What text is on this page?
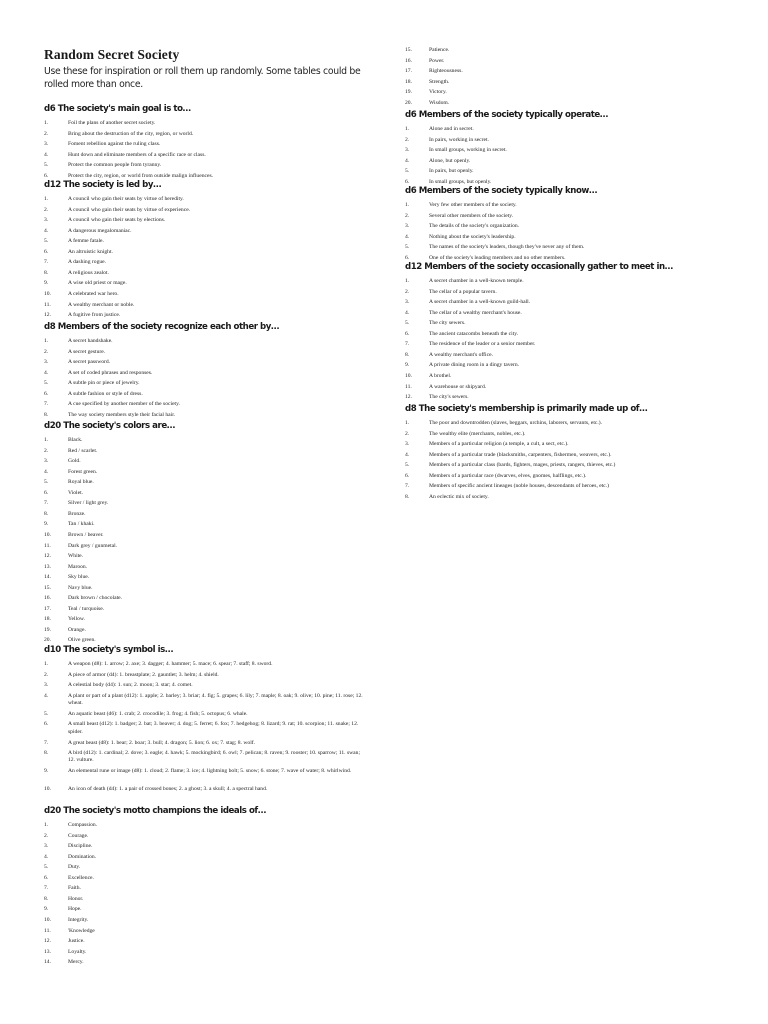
Random Secret Society
Use these for inspiration or roll them up randomly. Some tables could be rolled more than once.
d6 The society's main goal is to…
1.	Foil the plans of another secret society.
2.	Bring about the destruction of the city, region, or world.
3.	Foment rebellion against the ruling class.
4.	Hunt down and eliminate members of a specific race or class.
5.	Protect the common people from tyranny.
6.	Protect the city, region, or world from outside malign influences.
d12 The society is led by…
1.	A council who gain their seats by virtue of heredity.
2.	A council who gain their seats by virtue of experience.
3.	A council who gain their seats by elections.
4.	A dangerous megalomaniac.
5.	A femme fatale.
6.	An altruistic knight.
7.	A dashing rogue.
8.	A religious zealot.
9.	A wise old priest or mage.
10.	A celebrated war hero.
11.	A wealthy merchant or noble.
12.	A fugitive from justice.
d8 Members of the society recognize each other by…
1.	A secret handshake.
2.	A secret gesture.
3.	A secret password.
4.	A set of coded phrases and responses.
5.	A subtle pin or piece of jewelry.
6.	A subtle fashion or style of dress.
7.	A cue specified by another member of the society.
8.	The way society members style their facial hair.
d20 The society's colors are…
1.	Black.
2.	Red / scarlet.
3.	Gold.
4.	Forest green.
5.	Royal blue.
6.	Violet.
7.	Silver / light grey.
8.	Bronze.
9.	Tan / khaki.
10.	Brown / beaver.
11.	Dark grey / gunmetal.
12.	White.
13.	Maroon.
14.	Sky blue.
15.	Navy blue.
16.	Dark brown / chocolate.
17.	Teal / turquoise.
18.	Yellow.
19.	Orange.
20.	Olive green.
d10 The society's symbol is…
1.	A weapon (d8): 1. arrow; 2. axe; 3. dagger; 4. hammer; 5. mace; 6. spear; 7. staff; 8. sword.
2.	A piece of armor (d4): 1. breastplate; 2. gauntlet; 3. helm; 4. shield.
3.	A celestial body (d4): 1. sun; 2. moon; 3. star; 4. comet.
4.	A plant or part of a plant (d12): 1. apple; 2. barley; 3. briar; 4. fig; 5. grapes; 6. lily; 7. maple; 8. oak; 9. olive; 10. pine; 11. rose; 12. wheat.
5.	An aquatic beast (d6): 1. crab; 2. crocodile; 3. frog; 4. fish; 5. octopus; 6. whale.
6.	A small beast (d12): 1. badger; 2. bat; 3. beaver; 4. dog; 5. ferret; 6. fox; 7. hedgehog; 8. lizard; 9. rat; 10. scorpion; 11. snake; 12. spider.
7.	A great beast (d8): 1. bear; 2. boar; 3. bull; 4. dragon; 5. lion; 6. ox; 7. stag; 8. wolf.
8.	A bird (d12): 1. cardinal; 2. dove; 3. eagle; 4. hawk; 5. mockingbird; 6. owl; 7. pelican; 8. raven; 9. rooster; 10. sparrow; 11. swan; 12. vulture.
9.	An elemental rune or image (d8): 1. cloud; 2. flame; 3. ice; 4. lightning bolt; 5. snow; 6. stone; 7. wave of water; 8. whirlwind.
10.	An icon of death (d4): 1. a pair of crossed bones; 2. a ghost; 3. a skull; 4. a spectral hand.
d20 The society's motto champions the ideals of…
1.	Compassion.
2.	Courage.
3.	Discipline.
4.	Domination.
5.	Duty.
6.	Excellence.
7.	Faith.
8.	Honor.
9.	Hope.
10.	Integrity.
11.	'Knowledge
12.	Justice.
13.	Loyalty.
14.	Mercy.
15.	Patience.
16.	Power.
17.	Righteousness.
18.	Strength.
19.	Victory.
20.	Wisdom.
d6 Members of the society typically operate…
1.	Alone and in secret.
2.	In pairs, working in secret.
3.	In small groups, working in secret.
4.	Alone, but openly.
5.	In pairs, but openly.
6.	In small groups, but openly.
d6 Members of the society typically know…
1.	Very few other members of the society.
2.	Several other members of the society.
3.	The details of the society's organization.
4.	Nothing about the society's leadership.
5.	The names of the society's leaders, though they've never any of them.
6.	One of the society's leading members and no other members.
d12 Members of the society occasionally gather to meet in…
1.	A secret chamber in a well-known temple.
2.	The cellar of a popular tavern.
3.	A secret chamber in a well-known guild-hall.
4.	The cellar of a wealthy merchant's house.
5.	The city sewers.
6.	The ancient catacombs beneath the city.
7.	The residence of the leader or a senior member.
8.	A wealthy merchant's office.
9.	A private dining room in a dingy tavern.
10.	A brothel.
11.	A warehouse or shipyard.
12.	The city's sewers.
d8 The society's membership is primarily made up of…
1.	The poor and downtrodden (slaves, beggars, urchins, laborers, servants, etc.).
2.	The wealthy elite (merchants, nobles, etc.).
3.	Members of a particular religion (a temple, a cult, a sect, etc.).
4.	Members of a particular trade (blacksmiths, carpenters, fishermen, weavers, etc.).
5.	Members of a particular class (bards, fighters, mages, priests, rangers, thieves, etc.)
6.	Members of a particular race (dwarves, elves, gnomes, halflings, etc.).
7.	Members of specific ancient lineages (noble houses, descendants of heroes, etc.)
8.	An eclectic mix of society.
